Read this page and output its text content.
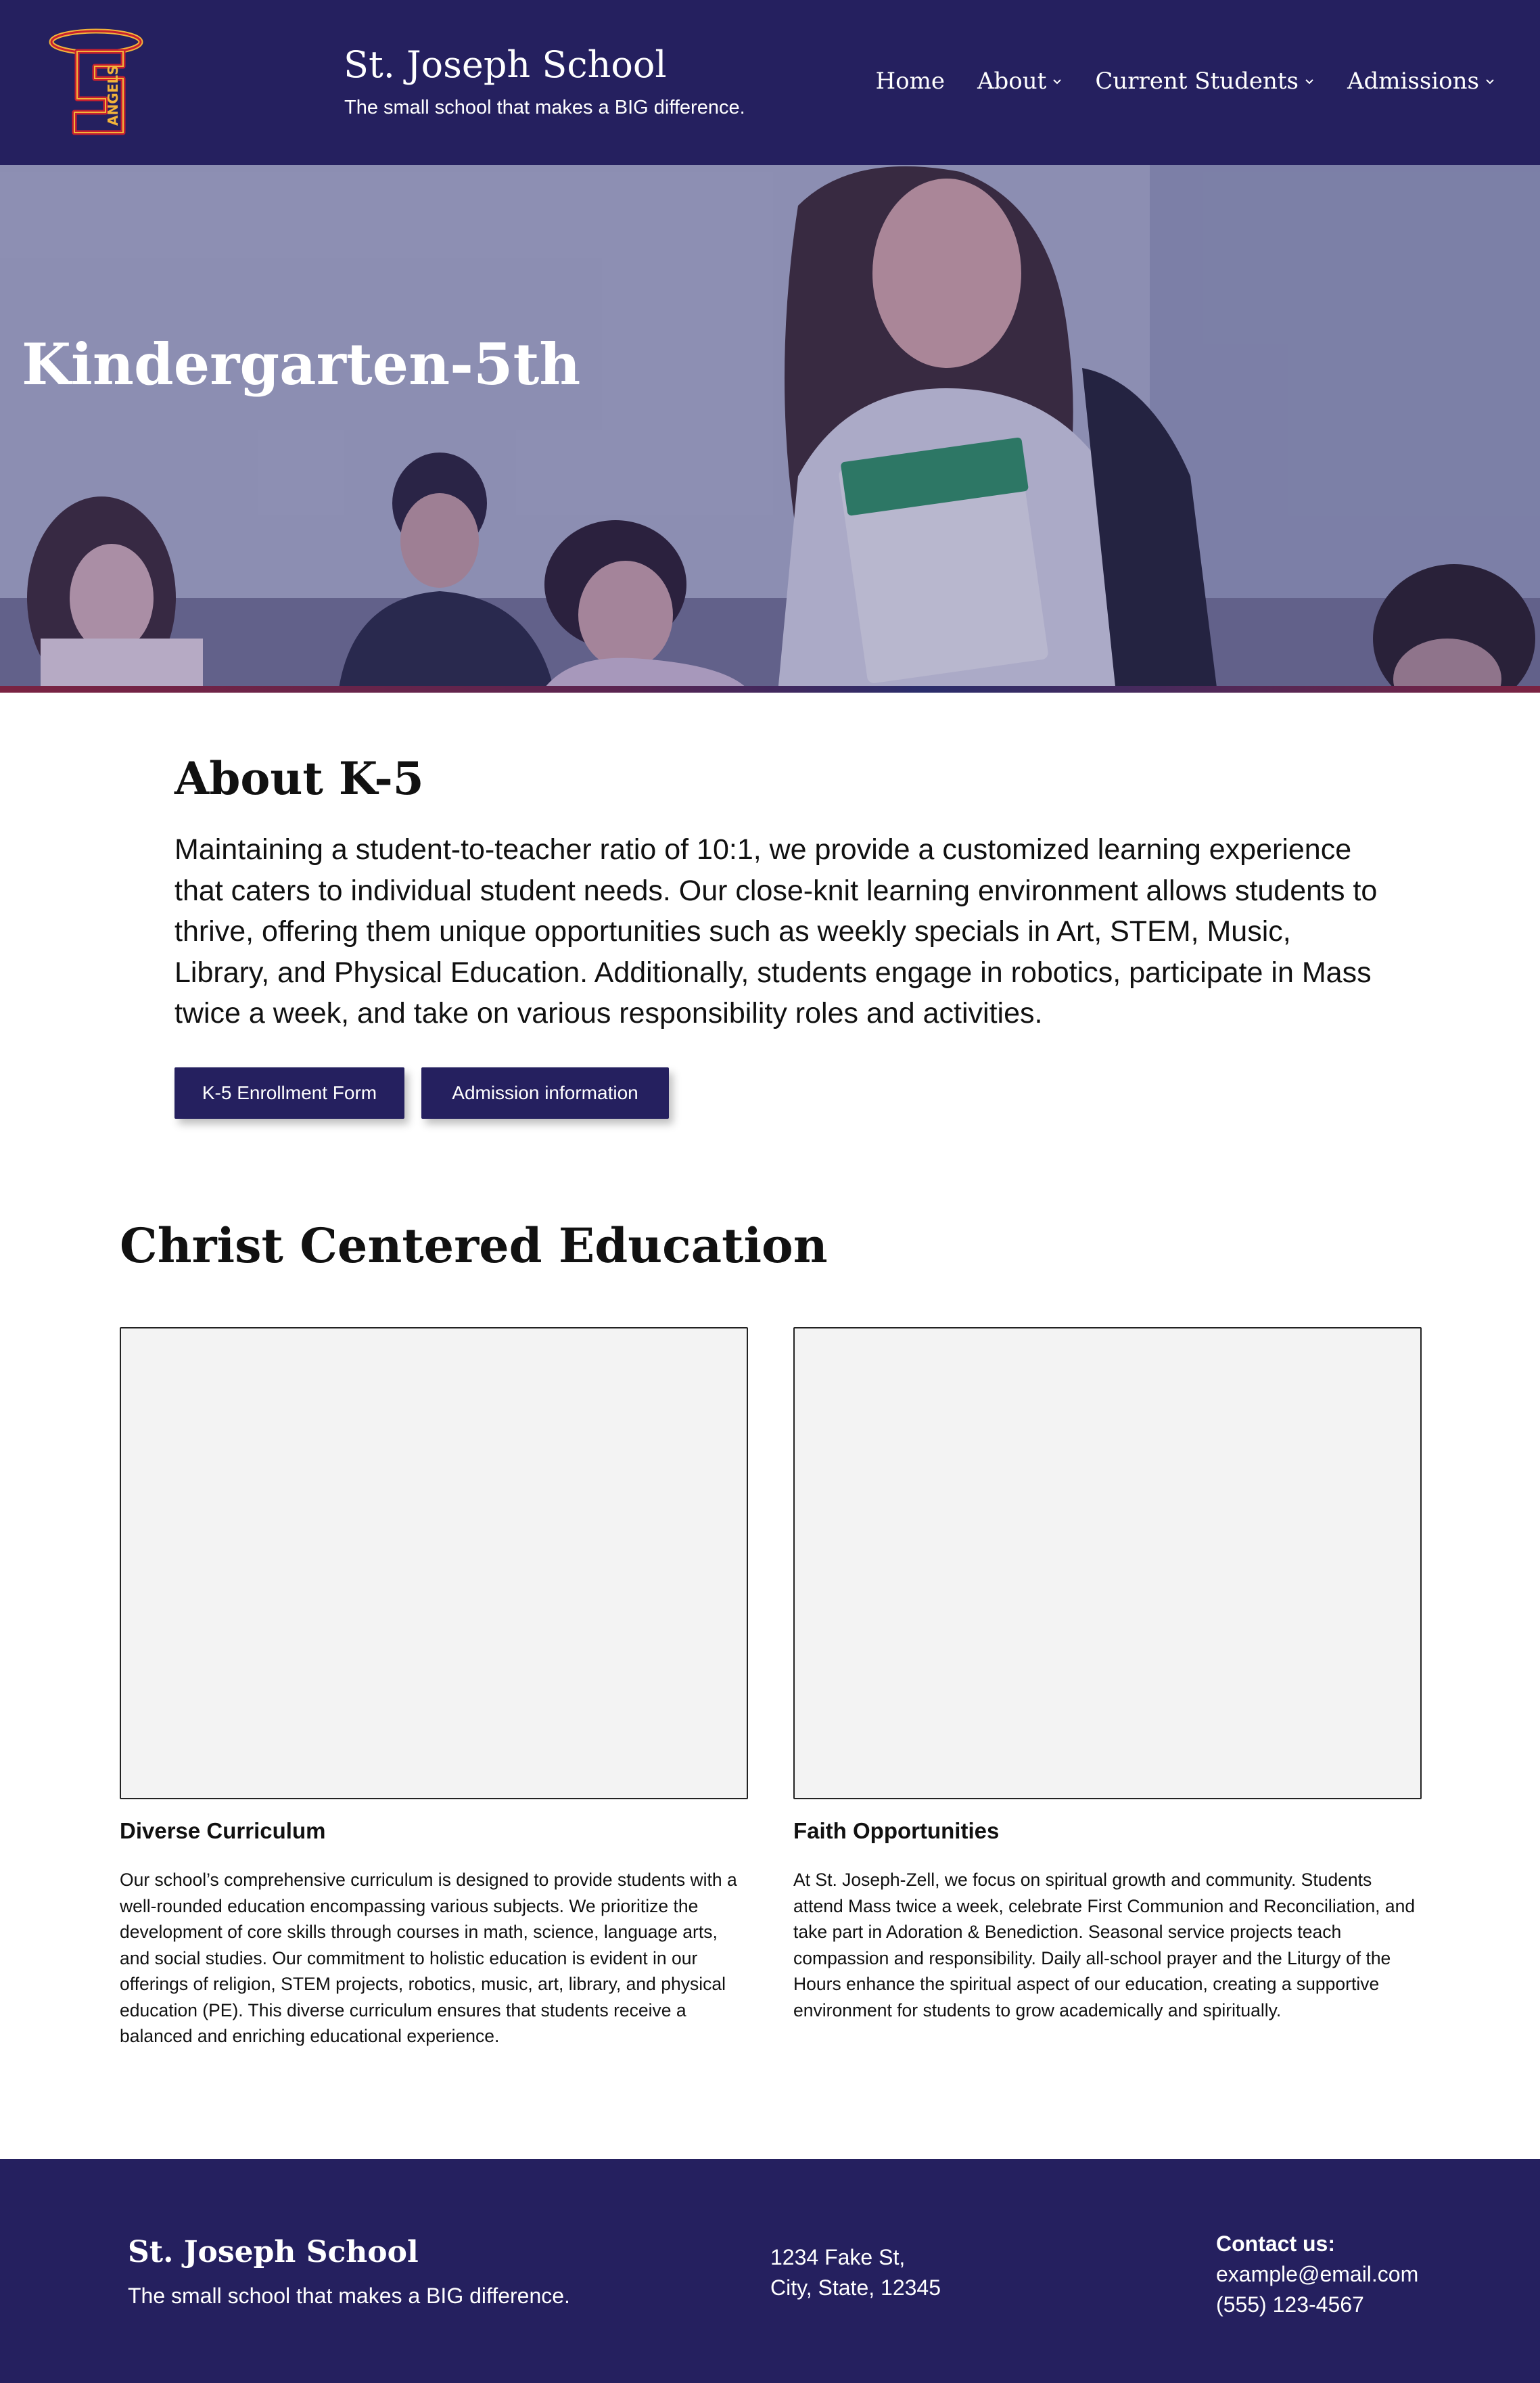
ANGELS
St. Joseph School
The small school that makes a BIG difference.
Home About Current Students Admissions
Kindergarten-5th
About K-5

Maintaining a student-to-teacher ratio of 10:1, we provide a customized learning experience that caters to individual student needs. Our close-knit learning environment allows students to thrive, offering them unique opportunities such as weekly specials in Art, STEM, Music, Library, and Physical Education. Additionally, students engage in robotics, participate in Mass twice a week, and take on various responsibility roles and activities.

K-5 Enrollment Form	Admission information
Christ Centered Education
Diverse Curriculum

Our school’s comprehensive curriculum is designed to provide students with a well-rounded education encompassing various subjects. We prioritize the development of core skills through courses in math, science, language arts, and social studies. Our commitment to holistic education is evident in our offerings of religion, STEM projects, robotics, music, art, library, and physical education (PE). This diverse curriculum ensures that students receive a balanced and enriching educational experience.

Faith Opportunities

At St. Joseph-Zell, we focus on spiritual growth and community. Students attend Mass twice a week, celebrate First Communion and Reconciliation, and take part in Adoration & Benediction. Seasonal service projects teach compassion and responsibility. Daily all-school prayer and the Liturgy of the Hours enhance the spiritual aspect of our education, creating a supportive environment for students to grow academically and spiritually.

St. Joseph School
The small school that makes a BIG difference.
1234 Fake St,
City, State, 12345
Contact us:
example@email.com
(555) 123-4567
